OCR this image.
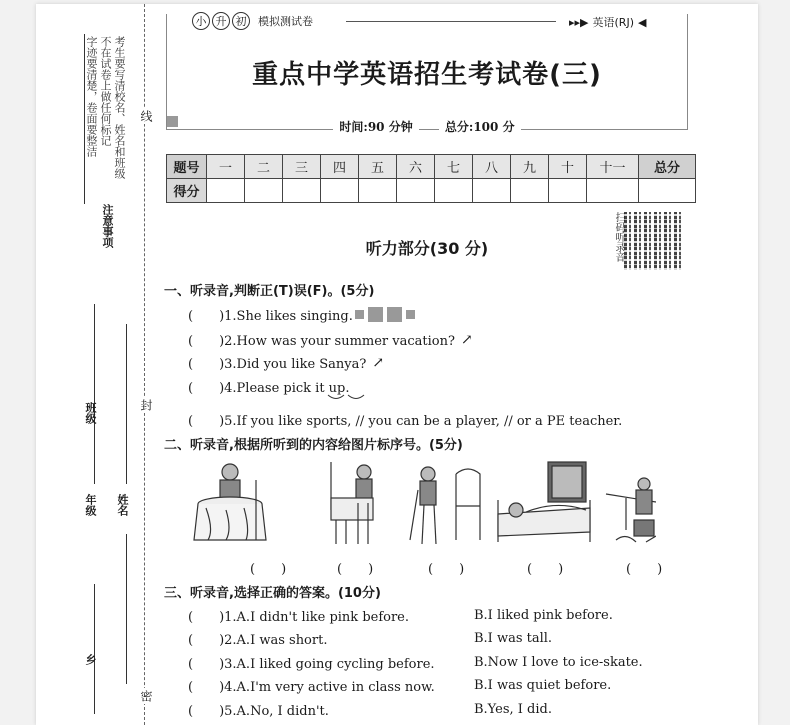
考生要写清校名、姓名和班级
不在试卷上做任何标记
字迹要清楚，卷面要整洁
注意事项
年级
班级
姓名
乡
线
封
密
小 升 初	模拟测试卷	▸▸▶ 英语(RJ) ◀
重点中学英语招生考试卷(三)
时间:90 分钟	总分:100 分
题号	一	二	三	四	五	六	七	八	九	十	十一	总分
得分												
扫码听录音
听力部分(30 分)
一、听录音,判断正(T)误(F)。(5分)
(　　)1.She likes singing.
(　　)2.How was your summer vacation? ↗
(　　)3.Did you like Sanya? ↗
(　　)4.Please pick it up.
(　　)5.If you like sports, // you can be a player, // or a PE teacher.
二、听录音,根据所听到的内容给图片标序号。(5分)
(　　)	(　　)	(　　)	(　　)	(　　)
三、听录音,选择正确的答案。(10分)
(　　)1.A.I didn't like pink before.	B.I liked pink before.
(　　)2.A.I was short.	B.I was tall.
(　　)3.A.I liked going cycling before.	B.Now I love to ice-skate.
(　　)4.A.I'm very active in class now.	B.I was quiet before.
(　　)5.A.No, I didn't.	B.Yes, I did.
